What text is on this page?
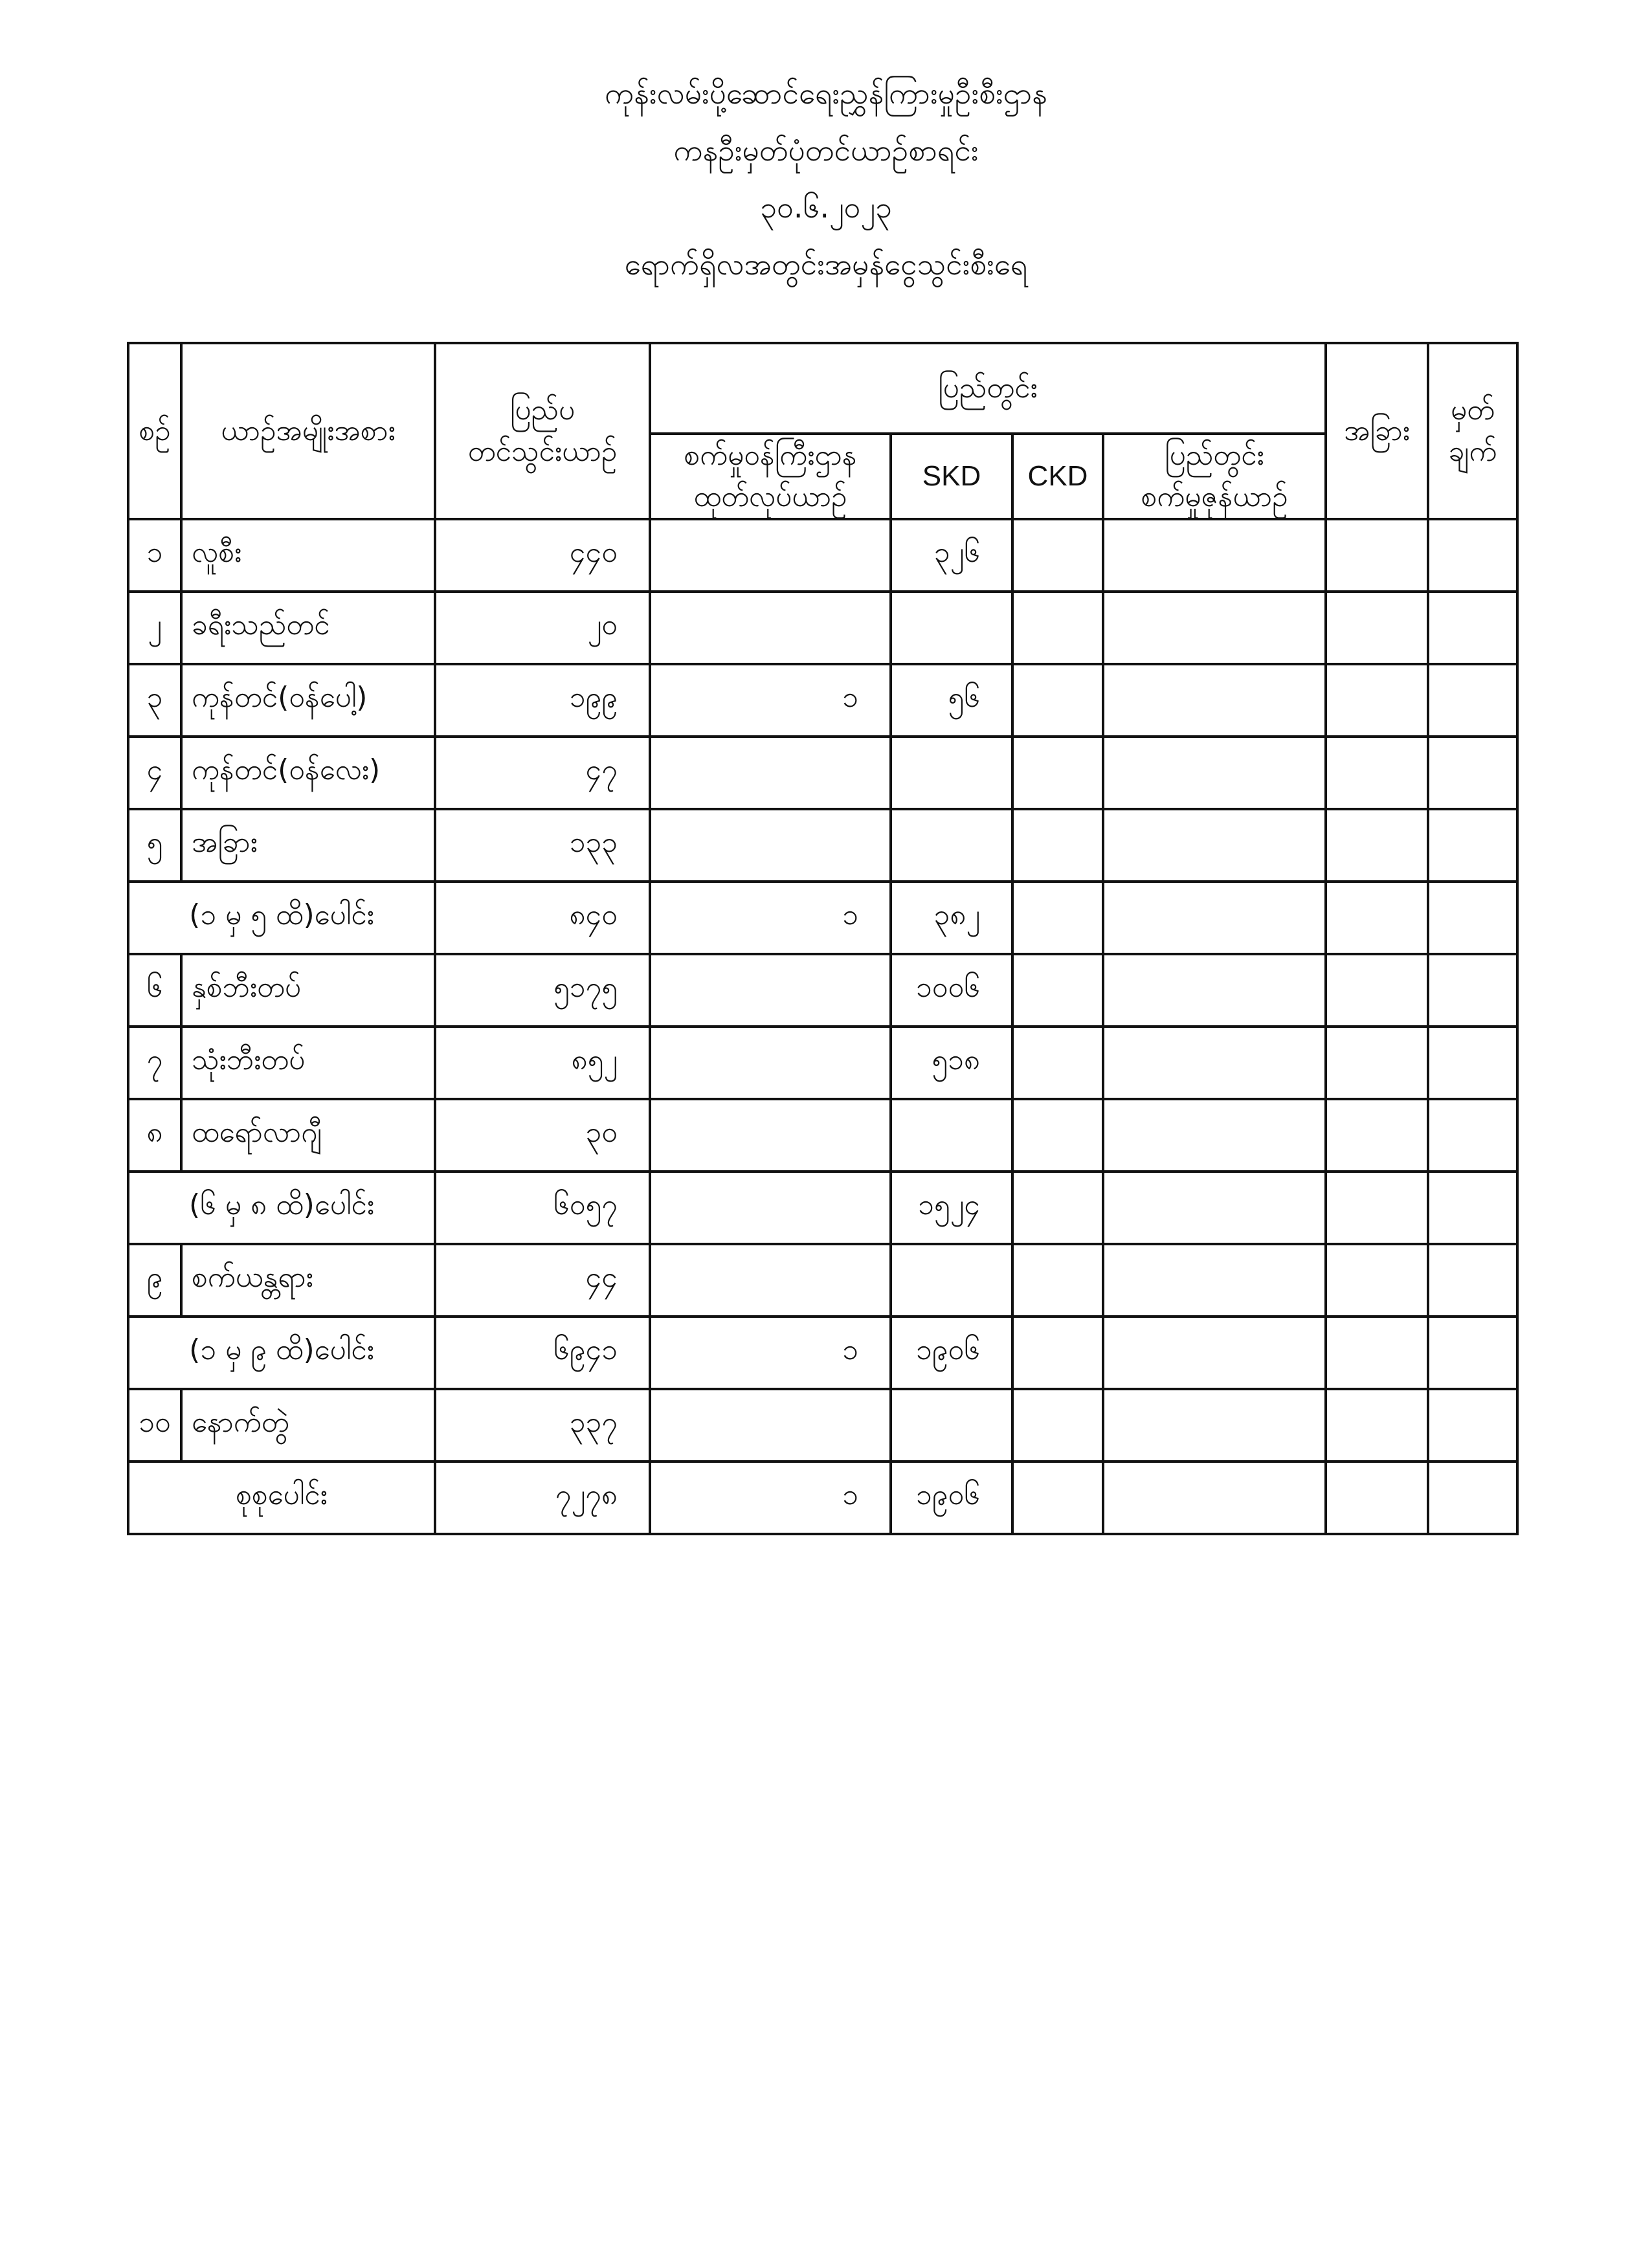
ကုန်းလမ်းပို့ဆောင်ရေးညွှန်ကြားမှုဦးစီးဌာန
ကနဦးမှတ်ပုံတင်ယာဉ်စာရင်း
၃၀.၆.၂၀၂၃
ရောက်ရှိလအတွင်းအမှန်ငွေသွင်းစီးရေ
စဉ်	ယာဉ်အမျိုးအစား	ပြည်ပ
တင်သွင်းယာဉ်	ပြည်တွင်း				အခြား	မှတ်
ချက်
			စက်မှုဝန်ကြီးဌာန
ထုတ်လုပ်ယာဉ်	SKD	CKD	ပြည်တွင်း
စက်မှုဇုန်ယာဉ်		
၁	လူစီး	၄၄၀		၃၂၆				
၂	ခရီးသည်တင်	၂၀						
၃	ကုန်တင်(ဝန်ပေါ့)	၁၉၉	၁	၅၆				
၄	ကုန်တင်(ဝန်လေး)	၄၇						
၅	အခြား	၁၃၃						
(၁ မှ ၅ ထိ)ပေါင်း		၈၄၀	၁	၃၈၂				
၆	နှစ်ဘီးတပ်	၅၁၇၅		၁၀၀၆				
၇	သုံးဘီးတပ်	၈၅၂		၅၁၈				
၈	ထရော်လာဂျီ	၃၀						
(၆ မှ ၈ ထိ)ပေါင်း		၆၀၅၇		၁၅၂၄				
၉	စက်ယန္တရား	၄၄						
(၁ မှ ၉ ထိ)ပေါင်း		၆၉၄၁	၁	၁၉၀၆				
၁၀	နောက်တွဲ	၃၃၇						
စုစုပေါင်း		၇၂၇၈	၁	၁၉၀၆				
